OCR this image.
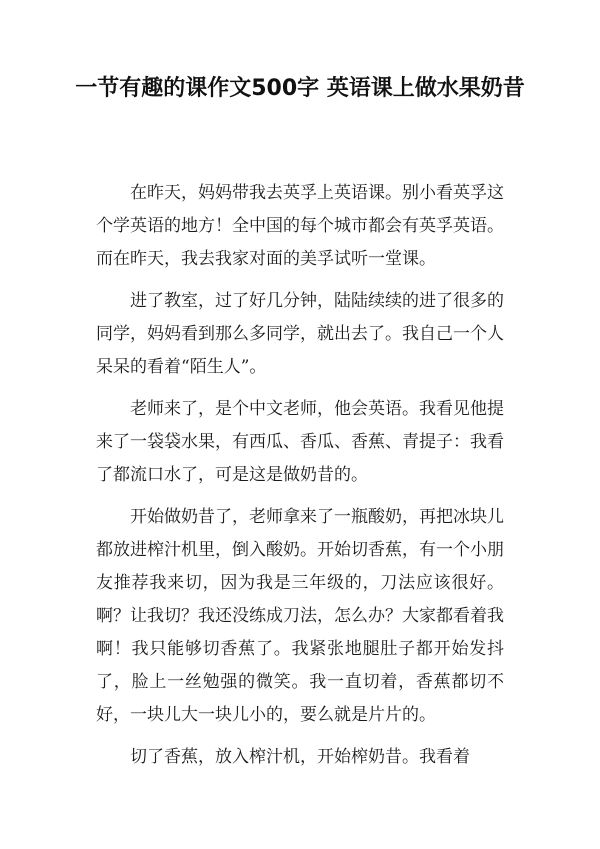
一节有趣的课作文500字 英语课上做水果奶昔

在昨天，妈妈带我去英孚上英语课。别小看英孚这个学英语的地方！全中国的每个城市都会有英孚英语。而在昨天，我去我家对面的美孚试听一堂课。

进了教室，过了好几分钟，陆陆续续的进了很多的同学，妈妈看到那么多同学，就出去了。我自己一个人呆呆的看着“陌生人”。

老师来了，是个中文老师，他会英语。我看见他提来了一袋袋水果，有西瓜、香瓜、香蕉、青提子：我看了都流口水了，可是这是做奶昔的。

开始做奶昔了，老师拿来了一瓶酸奶，再把冰块儿都放进榨汁机里，倒入酸奶。开始切香蕉，有一个小朋友推荐我来切，因为我是三年级的，刀法应该很好。啊？让我切？我还没练成刀法，怎么办？大家都看着我啊！我只能够切香蕉了。我紧张地腿肚子都开始发抖了，脸上一丝勉强的微笑。我一直切着，香蕉都切不好，一块儿大一块儿小的，要么就是片片的。

切了香蕉，放入榨汁机，开始榨奶昔。我看着
